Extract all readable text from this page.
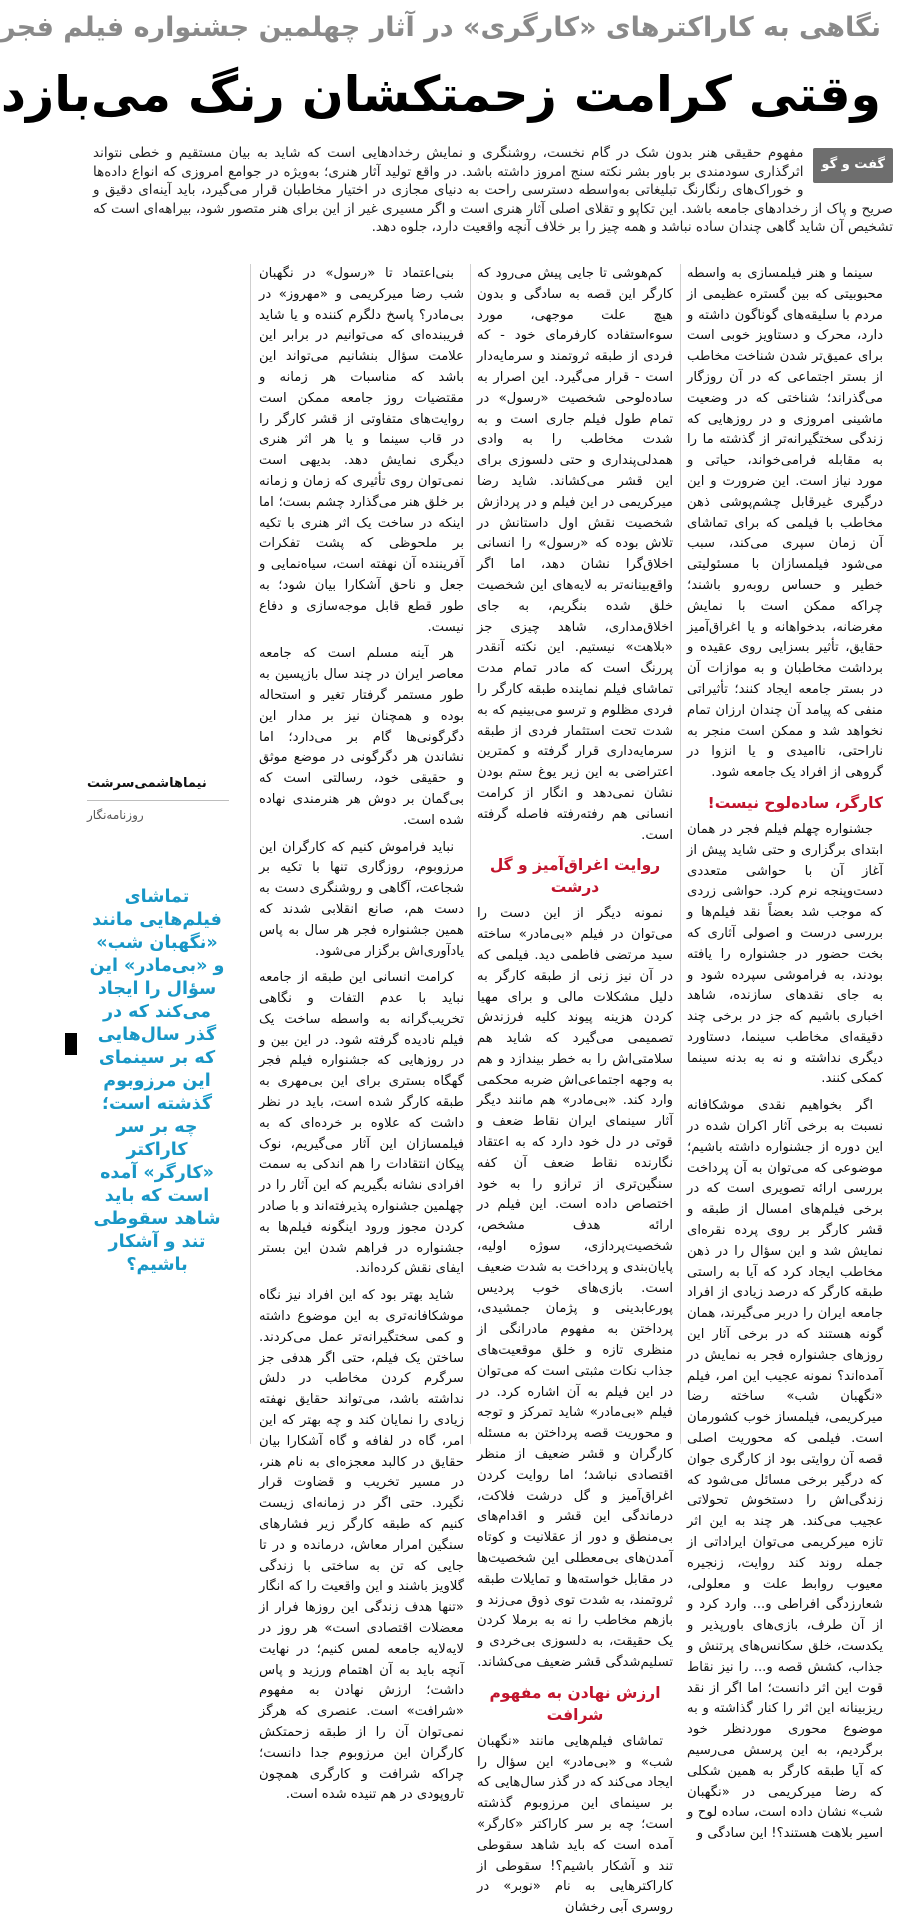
نگاهی به کاراکترهای «کارگری» در آثار چهلمین جشنواره فیلم فجر
وقتی کرامت زحمتکشان رنگ می‌بازد
گفت و گو
مفهوم حقیقی هنر بدون شک در گام نخست، روشنگری و نمایش رخدادهایی است که شاید به بیان مستقیم و خطی نتواند اثرگذاری سودمندی بر باور بشر نکته سنج امروز داشته باشد. در واقع تولید آثار هنری؛ به‌ویژه در جوامع امروزی که انواع داده‌ها و خوراک‌های رنگارنگ تبلیغاتی به‌واسطه دسترسی راحت به دنیای مجازی در اختیار مخاطبان قرار می‌گیرد، باید آینه‌ای دقیق و صریح و پاک از رخدادهای جامعه باشد. این تکاپو و تقلای اصلی آثار هنری است و اگر مسیری غیر از این برای هنر متصور شود، بیراهه‌ای است که تشخیص آن شاید گاهی چندان ساده نباشد و همه چیز را بر خلاف آنچه واقعیت دارد، جلوه دهد.

سینما و هنر فیلمسازی به واسطه محبوبیتی که بین گستره عظیمی از مردم با سلیقه‌های گوناگون داشته و دارد، محرک و دستاویز خوبی است برای عمیق‌تر شدن شناخت مخاطب از بستر اجتماعی که در آن روزگار می‌گذراند؛ شناختی که در وضعیت ماشینی امروزی و در روزهایی که زندگی سختگیرانه‌تر از گذشته ما را به مقابله فرامی‌خواند، حیاتی و مورد نیاز است. این ضرورت و این درگیری غیرقابل چشم‌پوشی ذهن مخاطب با فیلمی که برای تماشای آن زمان سپری می‌کند، سبب می‌شود فیلمسازان با مسئولیتی خطیر و حساس روبه‌رو باشند؛ چراکه ممکن است با نمایش مغرضانه، بدخواهانه و یا اغراق‌آمیز حقایق، تأثیر بسزایی روی عقیده و برداشت مخاطبان و به موازات آن در بستر جامعه ایجاد کنند؛ تأثیراتی منفی که پیامد آن چندان ارزان تمام نخواهد شد و ممکن است منجر به ناراحتی، ناامیدی و یا انزوا در گروهی از افراد یک جامعه شود.

کارگر، ساده‌لوح نیست!

جشنواره چهلم فیلم فجر در همان ابتدای برگزاری و حتی شاید پیش از آغاز آن با حواشی متعددی دست‌وپنجه نرم کرد. حواشی زردی که موجب شد بعضاً نقد فیلم‌ها و بررسی درست و اصولی آثاری که بخت حضور در جشنواره را یافته بودند، به فراموشی سپرده شود و به جای نقدهای سازنده، شاهد اخباری باشیم که جز در برخی چند دقیقه‌ای مخاطب سینما، دستاورد دیگری نداشته و نه به بدنه سینما کمکی کنند.

اگر بخواهیم نقدی موشکافانه نسبت به برخی آثار اکران شده در این دوره از جشنواره داشته باشیم؛ موضوعی که می‌توان به آن پرداخت بررسی ارائه تصویری است که در برخی فیلم‌های امسال از طبقه و قشر کارگر بر روی پرده نقره‌ای نمایش شد و این سؤال را در ذهن مخاطب ایجاد کرد که آیا به راستی طبقه کارگر که درصد زیادی از افراد جامعه ایران را دربر می‌گیرند، همان گونه هستند که در برخی آثار این روزهای جشنواره فجر به نمایش در آمده‌اند؟ نمونه عجیب این امر، فیلم «نگهبان شب» ساخته رضا میرکریمی، فیلمساز خوب کشورمان است. فیلمی که محوریت اصلی قصه آن روایتی بود از کارگری جوان که درگیر برخی مسائل می‌شود که زندگی‌اش را دستخوش تحولاتی عجیب می‌کند. هر چند به این اثر تازه میرکریمی می‌توان ایراداتی از جمله روند کند روایت، زنجیره معیوب روابط علت و معلولی، شعارزدگی افراطی و... وارد کرد و از آن طرف، بازی‌های باورپذیر و یکدست، خلق سکانس‌های پرتنش و جذاب، کشش قصه و... را نیز نقاط قوت این اثر دانست؛ اما اگر از نقد ریزبینانه این اثر را کنار گذاشته و به موضوع محوری موردنظر خود برگردیم، به این پرسش می‌رسیم که آیا طبقه کارگر به همین شکلی که رضا میرکریمی در «نگهبان شب» نشان داده است، ساده لوح و اسیر بلاهت هستند؟! این سادگی و

کم‌هوشی تا جایی پیش می‌رود که کارگر این قصه به سادگی و بدون هیچ علت موجهی، مورد سوءاستفاده کارفرمای خود - که فردی از طبقه ثروتمند و سرمایه‌دار است - قرار می‌گیرد. این اصرار به ساده‌لوحی شخصیت «رسول» در تمام طول فیلم جاری است و به شدت مخاطب را به وادی همدلی‌پنداری و حتی دلسوزی برای این قشر می‌کشاند. شاید رضا میرکریمی در این فیلم و در پردازش شخصیت نقش اول داستانش در تلاش بوده که «رسول» را انسانی اخلاق‌گرا نشان دهد، اما اگر واقع‌بینانه‌تر به لایه‌های این شخصیت خلق شده بنگریم، به جای اخلاق‌مداری، شاهد چیزی جز «بلاهت» نیستیم. این نکته آنقدر پررنگ است که مادر تمام مدت تماشای فیلم نماینده طبقه کارگر را فردی مظلوم و ترسو می‌بینیم که به شدت تحت استثمار فردی از طبقه سرمایه‌داری قرار گرفته و کمترین اعتراضی به این زیر یوغ ستم بودن نشان نمی‌دهد و انگار از کرامت انسانی هم رفته‌رفته فاصله گرفته است.

روایت اغراق‌آمیز و گل درشت

نمونه دیگر از این دست را می‌توان در فیلم «بی‌مادر» ساخته سید مرتضی فاطمی دید. فیلمی که در آن نیز زنی از طبقه کارگر به دلیل مشکلات مالی و برای مهیا کردن هزینه پیوند کلیه فرزندش تصمیمی می‌گیرد که شاید هم سلامتی‌اش را به خطر بیندازد و هم به وجهه اجتماعی‌اش ضربه محکمی وارد کند. «بی‌مادر» هم مانند دیگر آثار سینمای ایران نقاط ضعف و قوتی در دل خود دارد که به اعتقاد نگارنده نقاط ضعف آن کفه سنگین‌تری از ترازو را به خود اختصاص داده است. این فیلم در ارائه هدف مشخص، شخصیت‌پردازی، سوژه اولیه، پایان‌بندی و پرداخت به شدت ضعیف است. بازی‌های خوب پردیس پورعابدینی و پژمان جمشیدی، پرداختن به مفهوم مادرانگی از منظری تازه و خلق موقعیت‌های جذاب نکات مثبتی است که می‌توان در این فیلم به آن اشاره کرد. در فیلم «بی‌مادر» شاید تمرکز و توجه و محوریت قصه پرداختن به مسئله کارگران و قشر ضعیف از منظر اقتصادی نباشد؛ اما روایت کردن اغراق‌آمیز و گل درشت فلاکت، درماندگی این قشر و اقدام‌های بی‌منطق و دور از عقلانیت و کوتاه آمدن‌های بی‌معطلی این شخصیت‌ها در مقابل خواسته‌ها و تمایلات طبقه ثروتمند، به شدت توی ذوق می‌زند و بازهم مخاطب را نه به برملا کردن یک حقیقت، به دلسوزی بی‌خردی و تسلیم‌شدگی قشر ضعیف می‌کشاند.

ارزش نهادن به مفهوم شرافت

تماشای فیلم‌هایی مانند «نگهبان شب» و «بی‌مادر» این سؤال را ایجاد می‌کند که در گذر سال‌هایی که بر سینمای این مرزوبوم گذشته است؛ چه بر سر کاراکتر «کارگر» آمده است که باید شاهد سقوطی تند و آشکار باشیم؟! سقوطی از کاراکترهایی به نام «نوبر» در روسری آبی رخشان

بنی‌اعتماد تا «رسول» در نگهبان شب رضا میرکریمی و «مهروز» در بی‌مادر؟ پاسخ دلگرم کننده و یا شاید فریبنده‌ای که می‌توانیم در برابر این علامت سؤال بنشانیم می‌تواند این باشد که مناسبات هر زمانه و مقتضیات روز جامعه ممکن است روایت‌های متفاوتی از قشر کارگر را در قاب سینما و یا هر اثر هنری دیگری نمایش دهد. بدیهی است نمی‌توان روی تأثیری که زمان و زمانه بر خلق هنر می‌گذارد چشم بست؛ اما اینکه در ساخت یک اثر هنری با تکیه بر ملحوظی که پشت تفکرات آفریننده آن نهفته است، سیاه‌نمایی و جعل و ناحق آشکارا بیان شود؛ به طور قطع قابل موجه‌سازی و دفاع نیست.

هر آینه مسلم است که جامعه معاصر ایران در چند سال بازپسین به طور مستمر گرفتار تغیر و استحاله بوده و همچنان نیز بر مدار این دگرگونی‌ها گام بر می‌دارد؛ اما نشاندن هر دگرگونی در موضع موثق و حقیقی خود، رسالتی است که بی‌گمان بر دوش هر هنرمندی نهاده شده است.

نباید فراموش کنیم که کارگران این مرزوبوم، روزگاری تنها با تکیه بر شجاعت، آگاهی و روشنگری دست به دست هم، صانع انقلابی شدند که همین جشنواره فجر هر سال به پاس یادآوری‌اش برگزار می‌شود.

کرامت انسانی این طبقه از جامعه نباید با عدم التفات و نگاهی تخریب‌گرانه به واسطه ساخت یک فیلم نادیده گرفته شود. در این بین و در روزهایی که جشنواره فیلم فجر گهگاه بستری برای این بی‌مهری به طبقه کارگر شده است، باید در نظر داشت که علاوه بر خرده‌ای که به فیلمسازان این آثار می‌گیریم، نوک پیکان انتقادات را هم اندکی به سمت افرادی نشانه بگیریم که این آثار را در چهلمین جشنواره پذیرفته‌اند و با صادر کردن مجوز ورود اینگونه فیلم‌ها به جشنواره در فراهم شدن این بستر ایفای نقش کرده‌اند.

شاید بهتر بود که این افراد نیز نگاه موشکافانه‌تری به این موضوع داشته و کمی سختگیرانه‌تر عمل می‌کردند. ساختن یک فیلم، حتی اگر هدفی جز سرگرم کردن مخاطب در دلش نداشته باشد، می‌تواند حقایق نهفته زیادی را نمایان کند و چه بهتر که این امر، گاه در لفافه و گاه آشکارا بیان حقایق در کالبد معجزه‌ای به نام هنر، در مسیر تخریب و قضاوت قرار نگیرد. حتی اگر در زمانه‌ای زیست کنیم که طبقه کارگر زیر فشارهای سنگین امرار معاش، درمانده و در تا جایی که تن به ساختی با زندگی گلاویز باشند و این واقعیت را که انگار «تنها هدف زندگی این روزها فرار از معضلات اقتصادی است» هر روز در لایه‌لایه جامعه لمس کنیم؛ در نهایت آنچه باید به آن اهتمام ورزید و پاس داشت؛ ارزش نهادن به مفهوم «شرافت» است. عنصری که هرگز نمی‌توان آن را از طبقه زحمتکش کارگران این مرزوبوم جدا دانست؛ چراکه شرافت و کارگری همچون تاروپودی در هم تنیده شده است.

نیماهاشمی‌سرشت
روزنامه‌نگار
تماشای فیلم‌هایی مانند «نگهبان شب» و «بی‌مادر» این سؤال را ایجاد می‌کند که در گذر سال‌هایی که بر سینمای این مرزوبوم گذشته است؛ چه بر سر کاراکتر «کارگر» آمده است که باید شاهد سقوطی تند و آشکار باشیم؟
